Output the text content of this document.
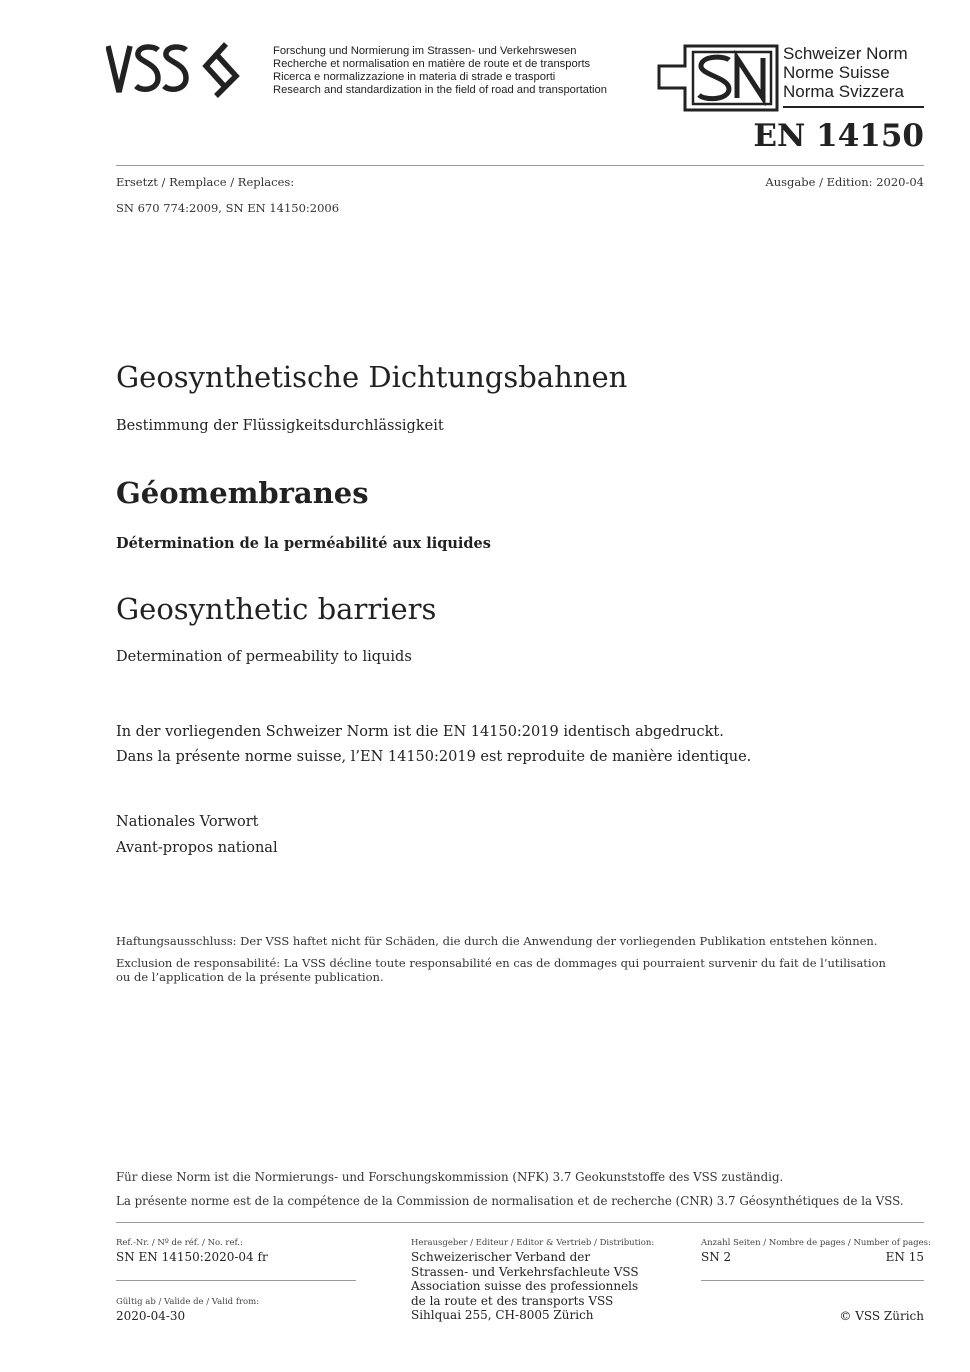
Forschung und Normierung im Strassen- und Verkehrswesen
Recherche et normalisation en matière de route et de transports
Ricerca e normalizzazione in materia di strade e trasporti
Research and standardization in the field of road and transportation
Schweizer Norm
Norme Suisse
Norma Svizzera
EN 14150
Ersetzt / Remplace / Replaces:	Ausgabe / Edition: 2020-04
SN 670 774:2009, SN EN 14150:2006
Geosynthetische Dichtungsbahnen
Bestimmung der Flüssigkeitsdurchlässigkeit
Géomembranes
Détermination de la perméabilité aux liquides
Geosynthetic barriers
Determination of permeability to liquids
In der vorliegenden Schweizer Norm ist die EN 14150:2019 identisch abgedruckt.
Dans la présente norme suisse, l’EN 14150:2019 est reproduite de manière identique.
Nationales Vorwort
Avant-propos national
Haftungsausschluss: Der VSS haftet nicht für Schäden, die durch die Anwendung der vorliegenden Publikation entstehen können.
Exclusion de responsabilité: La VSS décline toute responsabilité en cas de dommages qui pourraient survenir du fait de l’utilisation
ou de l’application de la présente publication.
Für diese Norm ist die Normierungs- und Forschungskommission (NFK) 3.7 Geokunststoffe des VSS zuständig.
La présente norme est de la compétence de la Commission de normalisation et de recherche (CNR) 3.7 Géosynthétiques de la VSS.
Ref.-Nr. / Nº de réf. / No. ref.:
SN EN 14150:2020-04 fr
Gültig ab / Valide de / Valid from:
2020-04-30
Herausgeber / Editeur / Editor & Vertrieb / Distribution:
Schweizerischer Verband der
Strassen- und Verkehrsfachleute VSS
Association suisse des professionnels
de la route et des transports VSS
Sihlquai 255, CH-8005 Zürich
Anzahl Seiten / Nombre de pages / Number of pages:
SN 2	EN 15
© VSS Zürich
